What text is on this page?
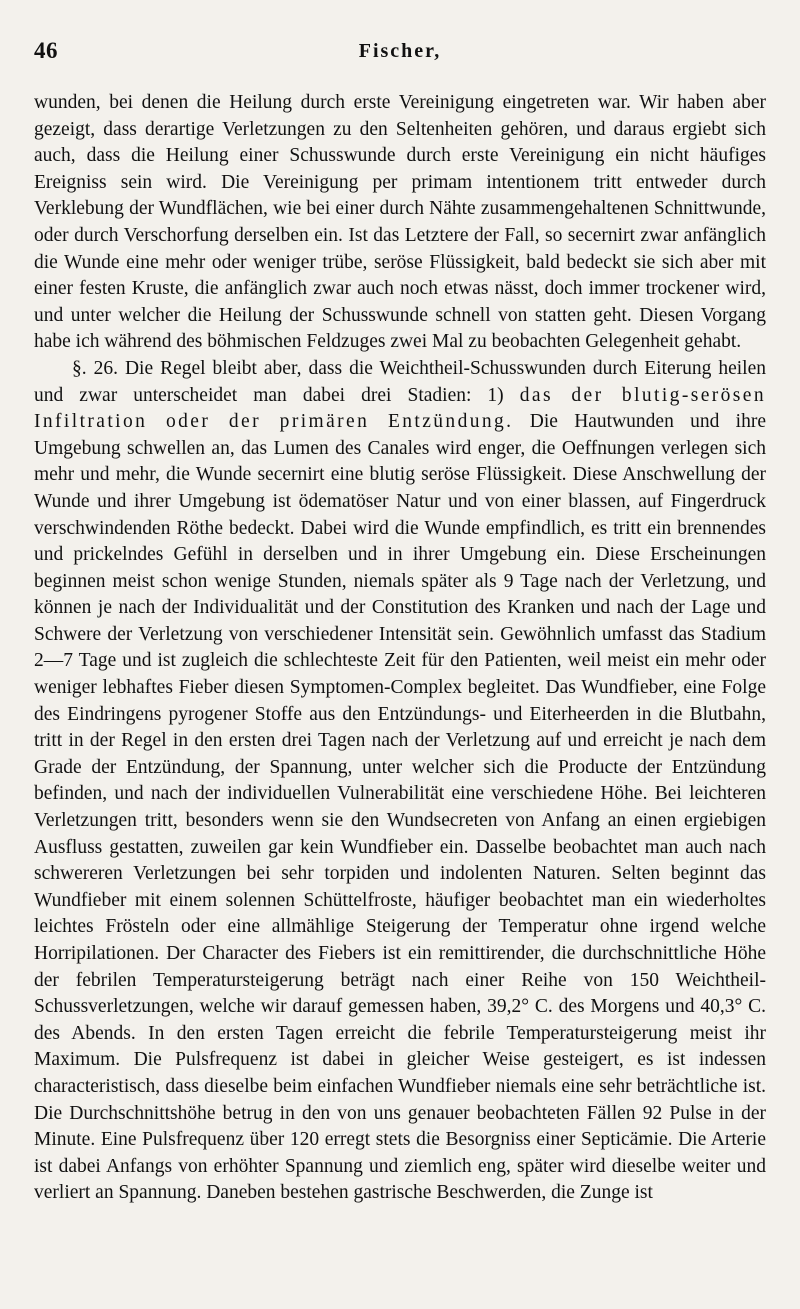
46	Fischer,

wunden, bei denen die Heilung durch erste Vereinigung eingetreten war. Wir haben aber gezeigt, dass derartige Verletzungen zu den Seltenheiten gehören, und daraus ergiebt sich auch, dass die Heilung einer Schusswunde durch erste Vereinigung ein nicht häufiges Ereigniss sein wird. Die Vereinigung per primam intentionem tritt entweder durch Verklebung der Wundflächen, wie bei einer durch Nähte zusammengehaltenen Schnittwunde, oder durch Verschorfung derselben ein. Ist das Letztere der Fall, so secernirt zwar anfänglich die Wunde eine mehr oder weniger trübe, seröse Flüssigkeit, bald bedeckt sie sich aber mit einer festen Kruste, die anfänglich zwar auch noch etwas nässt, doch immer trockener wird, und unter welcher die Heilung der Schusswunde schnell von statten geht. Diesen Vorgang habe ich während des böhmischen Feldzuges zwei Mal zu beobachten Gelegenheit gehabt.

§. 26. Die Regel bleibt aber, dass die Weichtheil-Schusswunden durch Eiterung heilen und zwar unterscheidet man dabei drei Stadien: 1) das der blutig-serösen Infiltration oder der primären Entzündung. Die Hautwunden und ihre Umgebung schwellen an, das Lumen des Canales wird enger, die Oeffnungen verlegen sich mehr und mehr, die Wunde secernirt eine blutig seröse Flüssigkeit. Diese Anschwellung der Wunde und ihrer Umgebung ist ödematöser Natur und von einer blassen, auf Fingerdruck verschwindenden Röthe bedeckt. Dabei wird die Wunde empfindlich, es tritt ein brennendes und prickelndes Gefühl in derselben und in ihrer Umgebung ein. Diese Erscheinungen beginnen meist schon wenige Stunden, niemals später als 9 Tage nach der Verletzung, und können je nach der Individualität und der Constitution des Kranken und nach der Lage und Schwere der Verletzung von verschiedener Intensität sein. Gewöhnlich umfasst das Stadium 2—7 Tage und ist zugleich die schlechteste Zeit für den Patienten, weil meist ein mehr oder weniger lebhaftes Fieber diesen Symptomen-Complex begleitet. Das Wundfieber, eine Folge des Eindringens pyrogener Stoffe aus den Entzündungs- und Eiterheerden in die Blutbahn, tritt in der Regel in den ersten drei Tagen nach der Verletzung auf und erreicht je nach dem Grade der Entzündung, der Spannung, unter welcher sich die Producte der Entzündung befinden, und nach der individuellen Vulnerabilität eine verschiedene Höhe. Bei leichteren Verletzungen tritt, besonders wenn sie den Wundsecreten von Anfang an einen ergiebigen Ausfluss gestatten, zuweilen gar kein Wundfieber ein. Dasselbe beobachtet man auch nach schwereren Verletzungen bei sehr torpiden und indolenten Naturen. Selten beginnt das Wundfieber mit einem solennen Schüttelfroste, häufiger beobachtet man ein wiederholtes leichtes Frösteln oder eine allmählige Steigerung der Temperatur ohne irgend welche Horripilationen. Der Character des Fiebers ist ein remittirender, die durchschnittliche Höhe der febrilen Temperatursteigerung beträgt nach einer Reihe von 150 Weichtheil-Schussverletzungen, welche wir darauf gemessen haben, 39,2° C. des Morgens und 40,3° C. des Abends. In den ersten Tagen erreicht die febrile Temperatursteigerung meist ihr Maximum. Die Pulsfrequenz ist dabei in gleicher Weise gesteigert, es ist indessen characteristisch, dass dieselbe beim einfachen Wundfieber niemals eine sehr beträchtliche ist. Die Durchschnittshöhe betrug in den von uns genauer beobachteten Fällen 92 Pulse in der Minute. Eine Pulsfrequenz über 120 erregt stets die Besorgniss einer Septicämie. Die Arterie ist dabei Anfangs von erhöhter Spannung und ziemlich eng, später wird dieselbe weiter und verliert an Spannung. Daneben bestehen gastrische Beschwerden, die Zunge ist
